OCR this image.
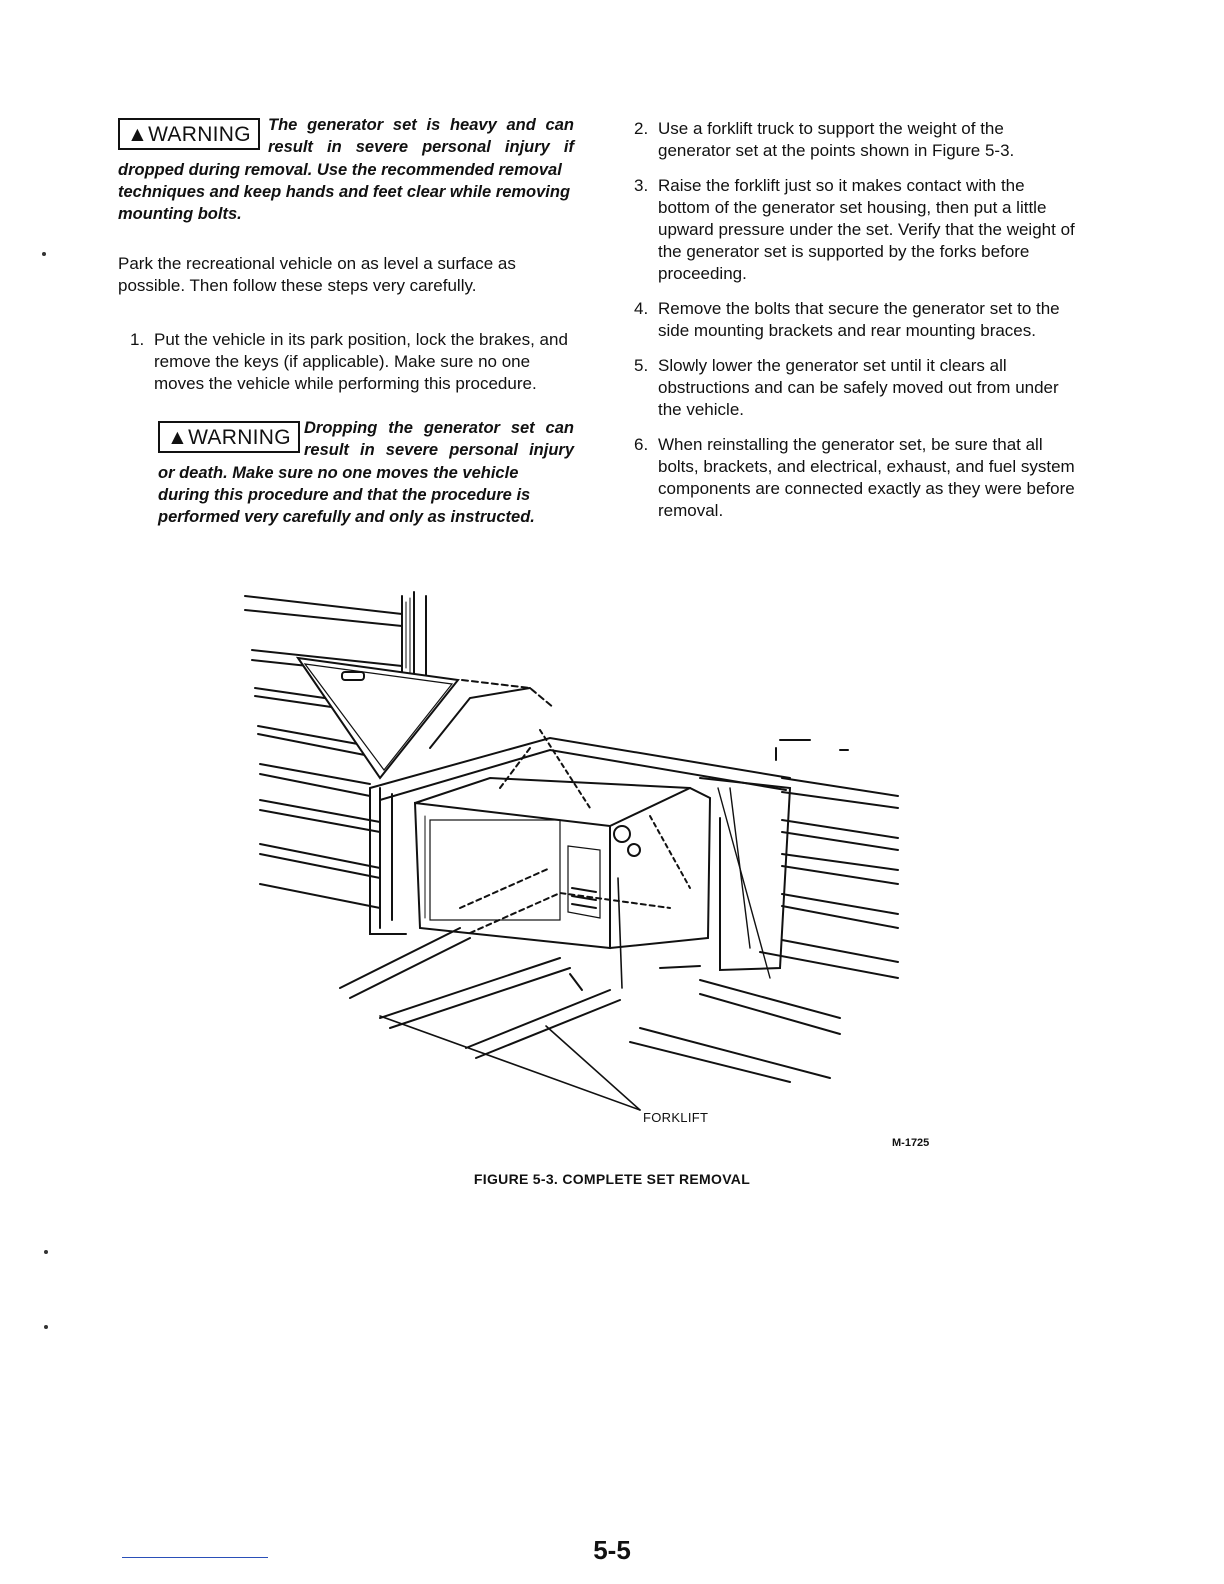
▲WARNING	The generator set is heavy and can result in severe personal injury if

dropped during removal. Use the recommended removal techniques and keep hands and feet clear while removing mounting bolts.

Park the recreational vehicle on as level a surface as possible. Then follow these steps very carefully.

1. Put the vehicle in its park position, lock the brakes, and remove the keys (if applicable). Make sure no one moves the vehicle while performing this procedure.
▲WARNING Dropping the generator set can result in severe personal injury

or death. Make sure no one moves the vehicle during this procedure and that the procedure is performed very carefully and only as instructed.

2. Use a forklift truck to support the weight of the generator set at the points shown in Figure 5-3.
3. Raise the forklift just so it makes contact with the bottom of the generator set housing, then put a little upward pressure under the set. Verify that the weight of the generator set is supported by the forks before proceeding.
4. Remove the bolts that secure the generator set to the side mounting brackets and rear mounting braces.
5. Slowly lower the generator set until it clears all obstructions and can be safely moved out from under the vehicle.
6. When reinstalling the generator set, be sure that all bolts, brackets, and electrical, exhaust, and fuel system components are connected exactly as they were before removal.
FORKLIFT
M-1725
FIGURE 5-3. COMPLETE SET REMOVAL
5-5
